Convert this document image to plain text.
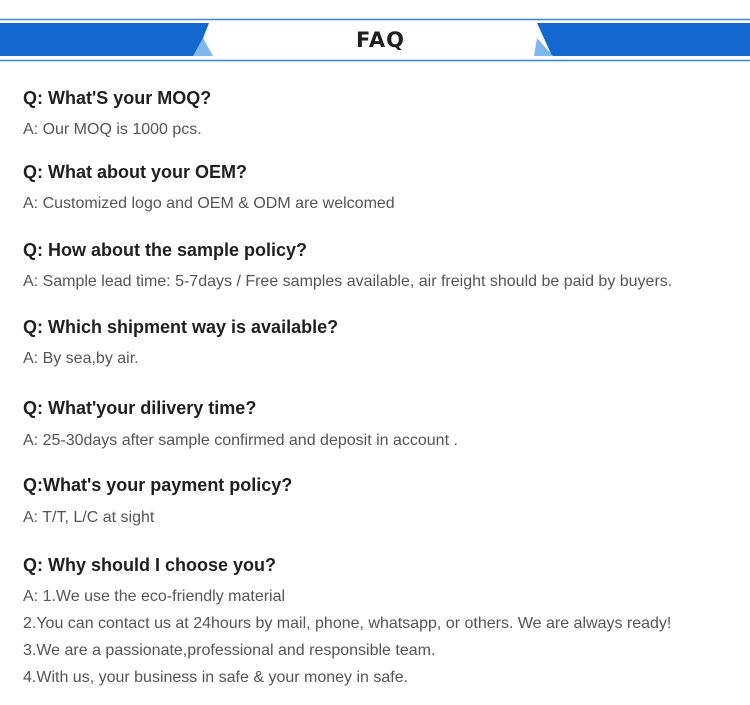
FAQ
Q: What'S your MOQ?
A: Our MOQ is 1000 pcs.
Q: What about your OEM?
A: Customized logo and OEM & ODM are welcomed
Q: How about the sample policy?
A: Sample lead time: 5-7days / Free samples available, air freight should be paid by buyers.
Q: Which shipment way is available?
A: By sea,by air.
Q: What'your dilivery time?
A: 25-30days after sample confirmed and deposit in account .
Q:What's your payment policy?
A: T/T, L/C at sight
Q: Why should I choose you?
A: 1.We use the eco-friendly material
2.You can contact us at 24hours by mail, phone, whatsapp, or others. We are always ready!
3.We are a passionate,professional and responsible team.
4.With us, your business in safe & your money in safe.
